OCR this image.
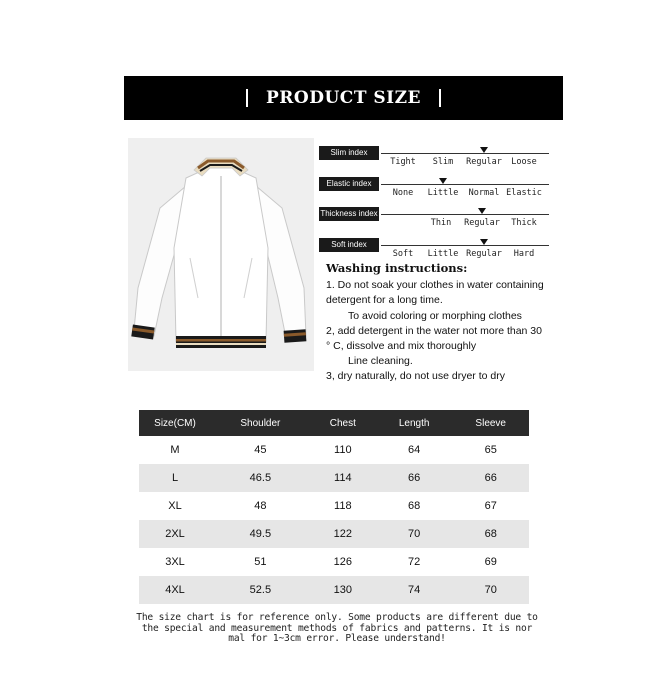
PRODUCT SIZE
Slim index
Tight Slim Regular Loose
Elastic index
None Little Normal Elastic
Thickness index
Thin Regular Thick
Soft index
Soft Little Regular Hard
Washing instructions:
1. Do not soak your clothes in water containing
detergent for a long time.
To avoid coloring or morphing clothes
2, add detergent in the water not more than 30
° C, dissolve and mix thoroughly
Line cleaning.
3, dry naturally, do not use dryer to dry
Size(CM)	Shoulder	Chest	Length	Sleeve
M	45	110	64	65
L	46.5	114	66	66
XL	48	118	68	67
2XL	49.5	122	70	68
3XL	51	126	72	69
4XL	52.5	130	74	70
The size chart is for reference only. Some products are different due to
the special and measurement methods of fabrics and patterns. It is nor
mal for 1~3cm error. Please understand!
